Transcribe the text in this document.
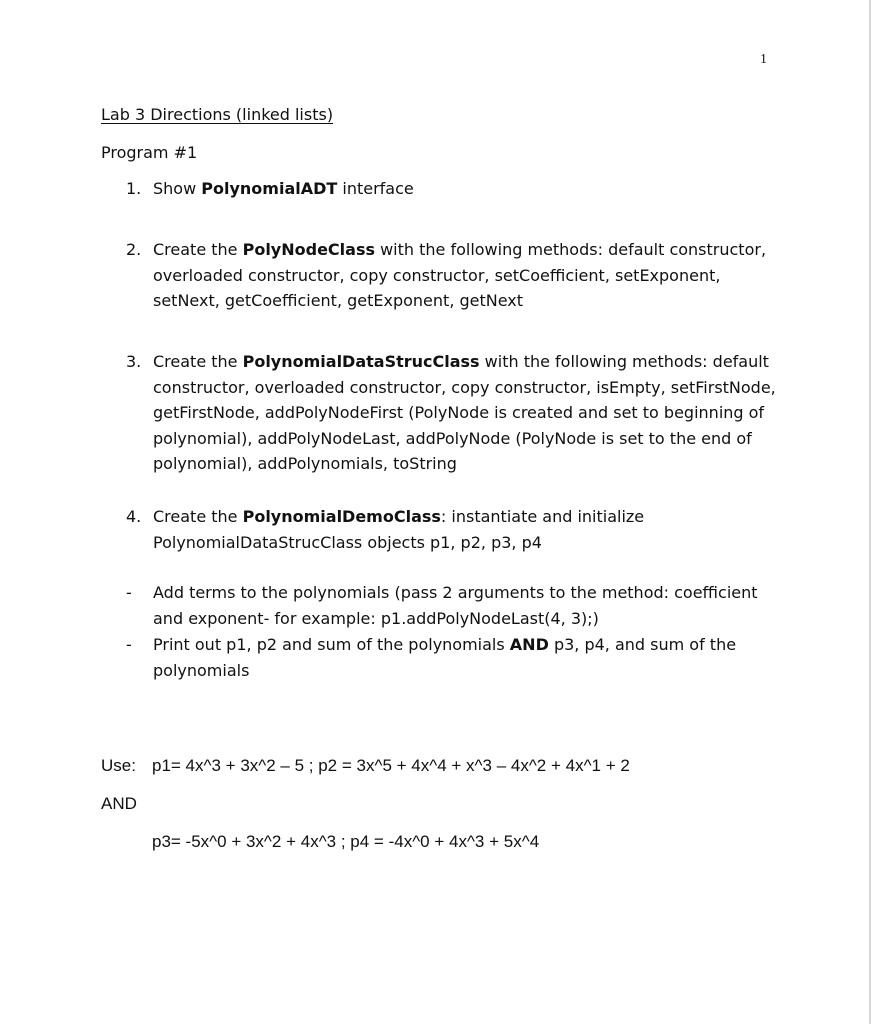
1
Lab 3 Directions (linked lists)
Program #1
1. Show PolynomialADT interface
2. Create the PolyNodeClass with the following methods: default constructor, overloaded constructor, copy constructor, setCoefficient, setExponent, setNext, getCoefficient, getExponent, getNext
3. Create the PolynomialDataStrucClass with the following methods: default constructor, overloaded constructor, copy constructor, isEmpty, setFirstNode, getFirstNode, addPolyNodeFirst (PolyNode is created and set to beginning of polynomial), addPolyNodeLast, addPolyNode (PolyNode is set to the end of polynomial), addPolynomials, toString
4. Create the PolynomialDemoClass: instantiate and initialize PolynomialDataStrucClass objects p1, p2, p3, p4
- Add terms to the polynomials (pass 2 arguments to the method: coefficient and exponent- for example: p1.addPolyNodeLast(4, 3);)
- Print out p1, p2 and sum of the polynomials AND p3, p4, and sum of the polynomials
Use: p1= 4x^3 + 3x^2 – 5 ; p2 = 3x^5 + 4x^4 + x^3 – 4x^2 + 4x^1 + 2
AND
p3= -5x^0 + 3x^2 + 4x^3 ; p4 = -4x^0 + 4x^3 + 5x^4
